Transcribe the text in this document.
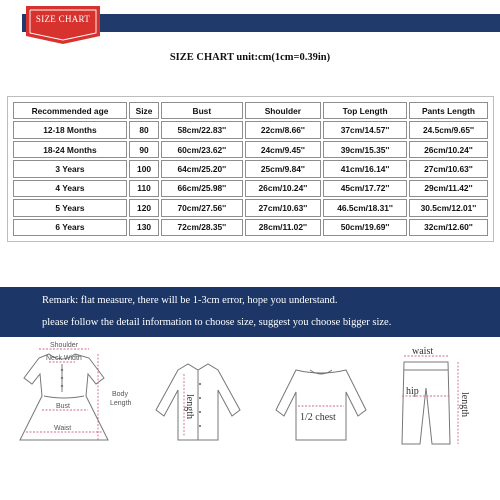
SIZE CHART
SIZE CHART unit:cm(1cm=0.39in)
Recommended age	Size	Bust	Shoulder	Top Length	Pants Length
12-18 Months	80	58cm/22.83''	22cm/8.66''	37cm/14.57''	24.5cm/9.65''
18-24 Months	90	60cm/23.62''	24cm/9.45''	39cm/15.35''	26cm/10.24''
3 Years	100	64cm/25.20''	25cm/9.84''	41cm/16.14''	27cm/10.63''
4 Years	110	66cm/25.98''	26cm/10.24''	45cm/17.72''	29cm/11.42''
5 Years	120	70cm/27.56''	27cm/10.63''	46.5cm/18.31''	30.5cm/12.01''
6 Years	130	72cm/28.35''	28cm/11.02''	50cm/19.69''	32cm/12.60''
Remark: flat measure, there will be 1-3cm error, hope you understand.
please follow the detail information to choose size, suggest you choose bigger size.
Shoulder
Neck Width
Bust
Waist
Body
Length	length	1/2 chest
waist
hip
length
